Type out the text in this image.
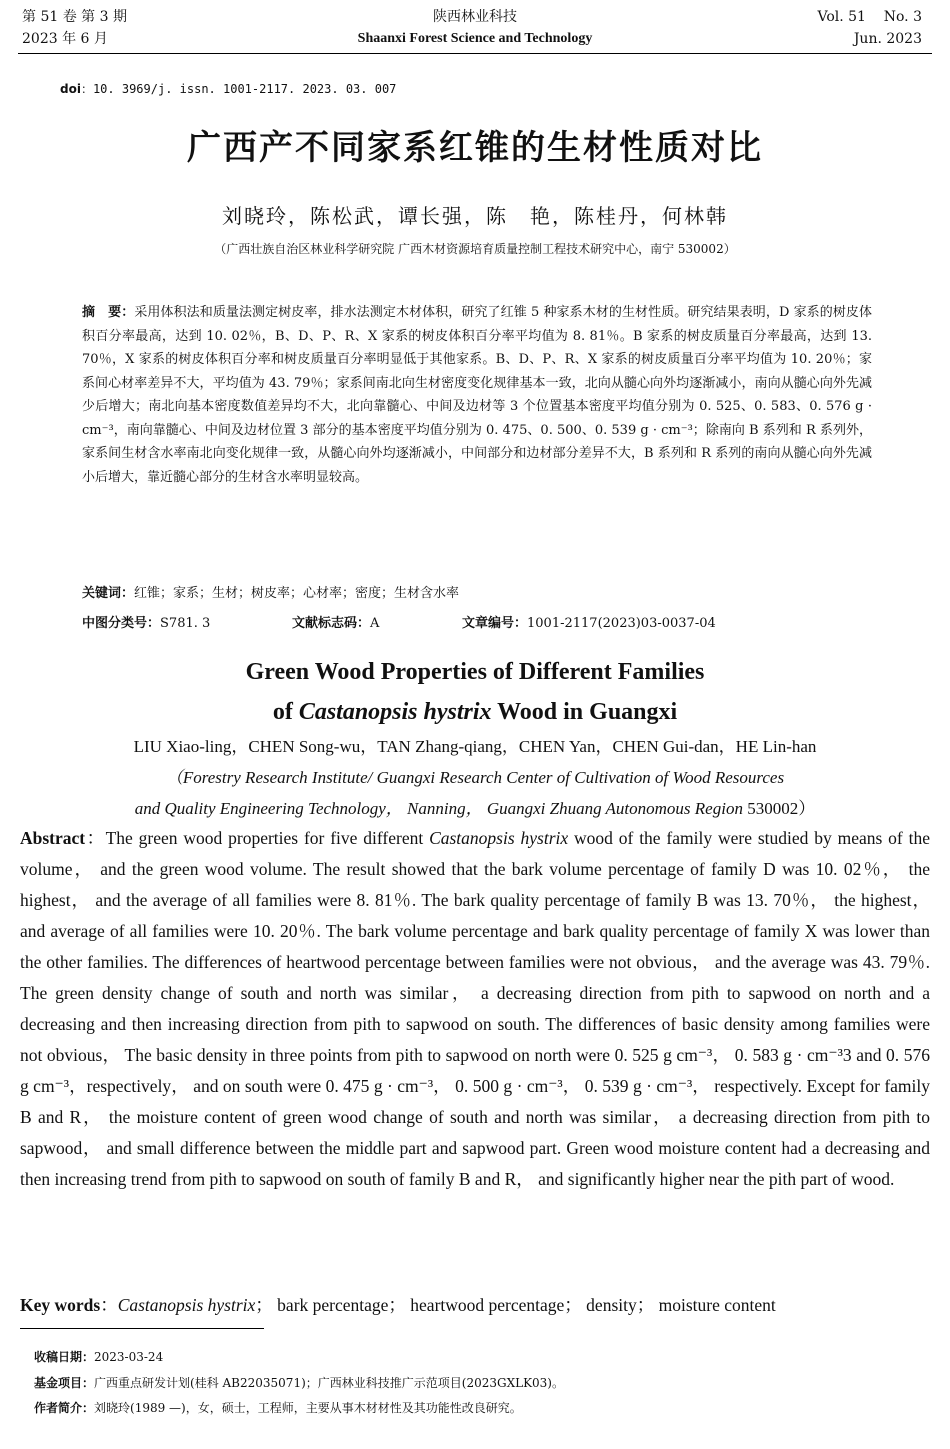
第 51 卷 第 3 期
2023 年 6 月
陕西林业科技
Shaanxi Forest Science and Technology
Vol. 51    No. 3
Jun. 2023
doi：10. 3969/j. issn. 1001-2117. 2023. 03. 007
广西产不同家系红锥的生材性质对比
刘晓玲，陈松武，谭长强，陈　艳，陈桂丹，何林韩
（广西壮族自治区林业科学研究院 广西木材资源培育质量控制工程技术研究中心，南宁 530002）
摘　要：采用体积法和质量法测定树皮率，排水法测定木材体积，研究了红锥 5 种家系木材的生材性质。研究结果表明，D 家系的树皮体积百分率最高，达到 10. 02％，B、D、P、R、X 家系的树皮体积百分率平均值为 8. 81％。B 家系的树皮质量百分率最高，达到 13. 70％，X 家系的树皮体积百分率和树皮质量百分率明显低于其他家系。B、D、P、R、X 家系的树皮质量百分率平均值为 10. 20％；家系间心材率差异不大，平均值为 43. 79％；家系间南北向生材密度变化规律基本一致，北向从髓心向外均逐渐减小，南向从髓心向外先减少后增大；南北向基本密度数值差异均不大，北向靠髓心、中间及边材等 3 个位置基本密度平均值分别为 0. 525、0. 583、0. 576 g · cm⁻³，南向靠髓心、中间及边材位置 3 部分的基本密度平均值分别为 0. 475、0. 500、0. 539 g · cm⁻³；除南向 B 系列和 R 系列外，家系间生材含水率南北向变化规律一致，从髓心向外均逐渐减小，中间部分和边材部分差异不大，B 系列和 R 系列的南向从髓心向外先减小后增大，靠近髓心部分的生材含水率明显较高。
关键词：红锥；家系；生材；树皮率；心材率；密度；生材含水率
中图分类号：S781. 3	文献标志码：A	文章编号：1001-2117(2023)03-0037-04
Green Wood Properties of Different Families
of Castanopsis hystrix Wood in Guangxi
LIU Xiao-ling，CHEN Song-wu，TAN Zhang-qiang，CHEN Yan，CHEN Gui-dan，HE Lin-han
（Forestry Research Institute/ Guangxi Research Center of Cultivation of Wood Resources
and Quality Engineering Technology， Nanning， Guangxi Zhuang Autonomous Region 530002）
Abstract：The green wood properties for five different Castanopsis hystrix wood of the family were studied by means of the volume， and the green wood volume. The result showed that the bark volume percentage of family D was 10. 02％， the highest， and the average of all families were 8. 81％. The bark quality percentage of family B was 13. 70％， the highest， and average of all families were 10. 20％. The bark volume percentage and bark quality percentage of family X was lower than the other families. The differences of heartwood percentage between families were not obvious， and the average was 43. 79％. The green density change of south and north was similar， a decreasing direction from pith to sapwood on north and a decreasing and then increasing direction from pith to sapwood on south. The differences of basic density among families were not obvious， The basic density in three points from pith to sapwood on north were 0. 525 g cm⁻³， 0. 583 g · cm⁻³3 and 0. 576 g cm⁻³，respectively， and on south were 0. 475 g · cm⁻³， 0. 500 g · cm⁻³， 0. 539 g · cm⁻³， respectively. Except for family B and R， the moisture content of green wood change of south and north was similar， a decreasing direction from pith to sapwood， and small difference between the middle part and sapwood part. Green wood moisture content had a decreasing and then increasing trend from pith to sapwood on south of family B and R， and significantly higher near the pith part of wood.
Key words：Castanopsis hystrix； bark percentage； heartwood percentage； density； moisture content
收稿日期：2023-03-24
基金项目：广西重点研发计划(桂科 AB22035071)；广西林业科技推广示范项目(2023GXLK03)。
作者简介：刘晓玲(1989 —)，女，硕士，工程师，主要从事木材材性及其功能性改良研究。
